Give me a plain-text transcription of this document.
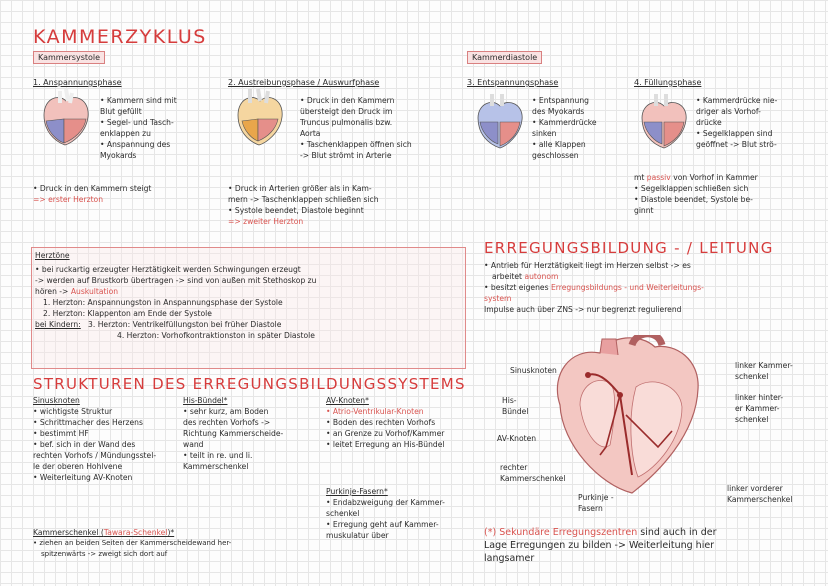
KAMMERZYKLUS
Kammersystole	Kammerdiastole
1. Anspannungsphase
• Kammern sind mit
Blut gefüllt
• Segel- und Tasch-
enklappen zu
• Anspannung des
Myokards
• Druck in den Kammern steigt
=> erster Herzton
2. Austreibungsphase / Auswurfphase
• Druck in den Kammern
übersteigt den Druck im
Truncus pulmonalis bzw.
Aorta
• Taschenklappen öffnen sich
-> Blut strömt in Arterie
• Druck in Arterien größer als in Kam-
mern -> Taschenklappen schließen sich
• Systole beendet, Diastole beginnt
=> zweiter Herzton
3. Entspannungsphase
• Entspannung
des Myokards
• Kammerdrücke
sinken
• alle Klappen
geschlossen
4. Füllungsphase
• Kammerdrücke nie-
driger als Vorhof-
drücke
• Segelklappen sind
geöffnet -> Blut strö-
mt passiv von Vorhof in Kammer
• Segelklappen schließen sich
• Diastole beendet, Systole be-
ginnt
Herztöne
• bei ruckartig erzeugter Herztätigkeit werden Schwingungen erzeugt
-> werden auf Brustkorb übertragen -> sind von außen mit Stethoskop zu
hören -> Auskultation
1. Herzton: Anspannungston in Anspannungsphase der Systole
2. Herzton: Klappenton am Ende der Systole
bei Kindern: 3. Herzton: Ventrikelfüllungston bei früher Diastole
4. Herzton: Vorhofkontraktionston in später Diastole
ERREGUNGSBILDUNG - / LEITUNG
• Antrieb für Herztätigkeit liegt im Herzen selbst -> es
arbeitet autonom
• besitzt eigenes Erregungsbildungs - und Weiterleitungs-
system
Impulse auch über ZNS -> nur begrenzt regulierend
Sinusknoten
His-
Bündel
AV-Knoten
rechter
Kammerschenkel
Purkinje -
Fasern
linker Kammer-
schenkel
linker hinter-
er Kammer-
schenkel
linker vorderer
Kammerschenkel
STRUKTUREN DES ERREGUNGSBILDUNGSSYSTEMS
Sinusknoten
• wichtigste Struktur
• Schrittmacher des Herzens
• bestimmt HF
• bef. sich in der Wand des
rechten Vorhofs / Mündungsstel-
le der oberen Hohlvene
• Weiterleitung AV-Knoten
His-Bündel*
• sehr kurz, am Boden
des rechten Vorhofs ->
Richtung Kammerscheide-
wand
• teilt in re. und li.
Kammerschenkel
AV-Knoten*
• Atrio-Ventrikular-Knoten
• Boden des rechten Vorhofs
• an Grenze zu Vorhof/Kammer
• leitet Erregung an His-Bündel
Purkinje-Fasern*
• Endabzweigung der Kammer-
schenkel
• Erregung geht auf Kammer-
muskulatur über
Kammerschenkel (Tawara-Schenkel)*
• ziehen an beiden Seiten der Kammerscheidewand her-
spitzenwärts -> zweigt sich dort auf
(*) Sekundäre Erregungszentren sind auch in der
Lage Erregungen zu bilden -> Weiterleitung hier
langsamer
